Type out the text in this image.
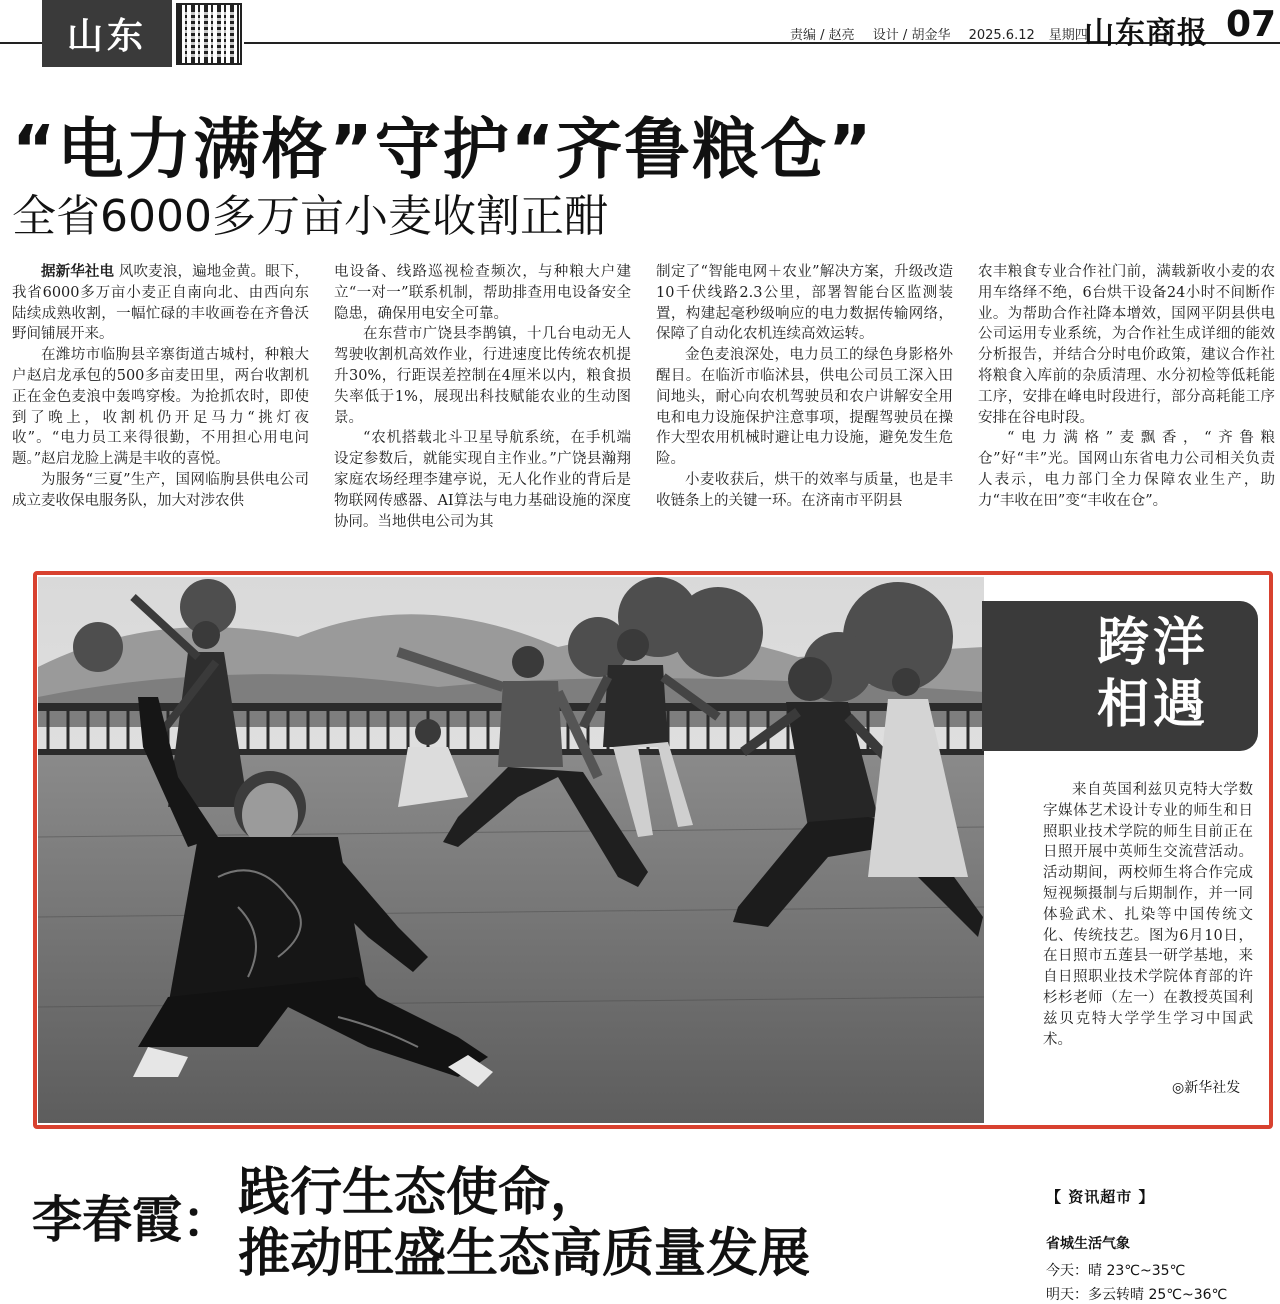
山东	责编 / 赵亮 设计 / 胡金华 2025.6.12 星期四
山东商报 07
“电力满格”守护“齐鲁粮仓”
全省6000多万亩小麦收割正酣

据新华社电 风吹麦浪，遍地金黄。眼下，我省6000多万亩小麦正自南向北、由西向东陆续成熟收割，一幅忙碌的丰收画卷在齐鲁沃野间铺展开来。

在潍坊市临朐县辛寨街道古城村，种粮大户赵启龙承包的500多亩麦田里，两台收割机正在金色麦浪中轰鸣穿梭。为抢抓农时，即使到了晚上，收割机仍开足马力“挑灯夜收”。“电力员工来得很勤，不用担心用电问题。”赵启龙脸上满是丰收的喜悦。

为服务“三夏”生产，国网临朐县供电公司成立麦收保电服务队，加大对涉农供

电设备、线路巡视检查频次，与种粮大户建立“一对一”联系机制，帮助排查用电设备安全隐患，确保用电安全可靠。

在东营市广饶县李鹊镇，十几台电动无人驾驶收割机高效作业，行进速度比传统农机提升30%，行距误差控制在4厘米以内，粮食损失率低于1%，展现出科技赋能农业的生动图景。

“农机搭载北斗卫星导航系统，在手机端设定参数后，就能实现自主作业。”广饶县瀚翔家庭农场经理李建亭说，无人化作业的背后是物联网传感器、AI算法与电力基础设施的深度协同。当地供电公司为其

制定了“智能电网＋农业”解决方案，升级改造10千伏线路2.3公里，部署智能台区监测装置，构建起毫秒级响应的电力数据传输网络，保障了自动化农机连续高效运转。

金色麦浪深处，电力员工的绿色身影格外醒目。在临沂市临沭县，供电公司员工深入田间地头，耐心向农机驾驶员和农户讲解安全用电和电力设施保护注意事项，提醒驾驶员在操作大型农用机械时避让电力设施，避免发生危险。

小麦收获后，烘干的效率与质量，也是丰收链条上的关键一环。在济南市平阴县

农丰粮食专业合作社门前，满载新收小麦的农用车络绎不绝，6台烘干设备24小时不间断作业。为帮助合作社降本增效，国网平阴县供电公司运用专业系统，为合作社生成详细的能效分析报告，并结合分时电价政策，建议合作社将粮食入库前的杂质清理、水分初检等低耗能工序，安排在峰电时段进行，部分高耗能工序安排在谷电时段。

“电力满格”麦飘香，“齐鲁粮仓”好“丰”光。国网山东省电力公司相关负责人表示，电力部门全力保障农业生产，助力“丰收在田”变“丰收在仓”。

跨洋相遇
来自英国利兹贝克特大学数字媒体艺术设计专业的师生和日照职业技术学院的师生目前正在日照开展中英师生交流营活动。活动期间，两校师生将合作完成短视频摄制与后期制作，并一同体验武术、扎染等中国传统文化、传统技艺。图为6月10日，在日照市五莲县一研学基地，来自日照职业技术学院体育部的许杉杉老师（左一）在教授英国利兹贝克特大学学生学习中国武术。
◎新华社发
李春霞： 践行生态使命，
推动旺盛生态高质量发展
【 资讯超市 】
省城生活气象
今天：晴 23℃~35℃
明天：多云转晴 25℃~36℃
